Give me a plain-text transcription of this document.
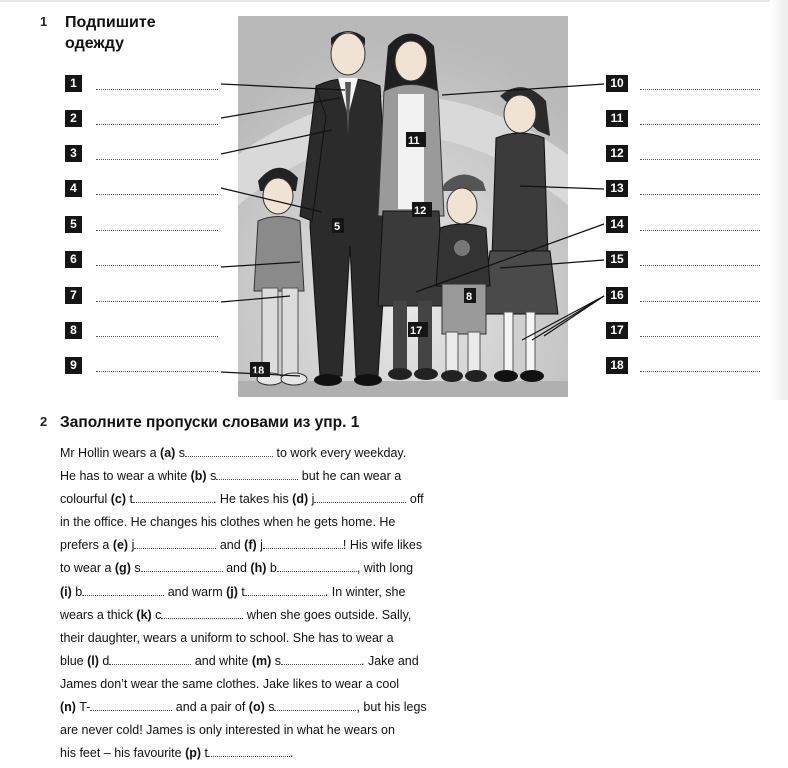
1 Подпишите
одежду
1
2
3
4
5
6
7
8
9
10
11
12
13
14
15
16
17
18
11
12
5
8
17
18
2 Заполните пропуски словами из упр. 1
Mr Hollin wears a (a) s	to work every weekday.
He has to wear a white (b) s	but he can wear a
colourful (c) t	. He takes his (d) j	off
in the office. He changes his clothes when he gets home. He
prefers a (e) j	and (f) j	! His wife likes
to wear a (g) s	and (h) b	, with long
(i) b	and warm (j) t	. In winter, she
wears a thick (k) c	when she goes outside. Sally,
their daughter, wears a uniform to school. She has to wear a
blue (l) d	and white (m) s	. Jake and
James don’t wear the same clothes. Jake likes to wear a cool
(n) T-	and a pair of (o) s	, but his legs
are never cold! James is only interested in what he wears on
his feet – his favourite (p) t	.
